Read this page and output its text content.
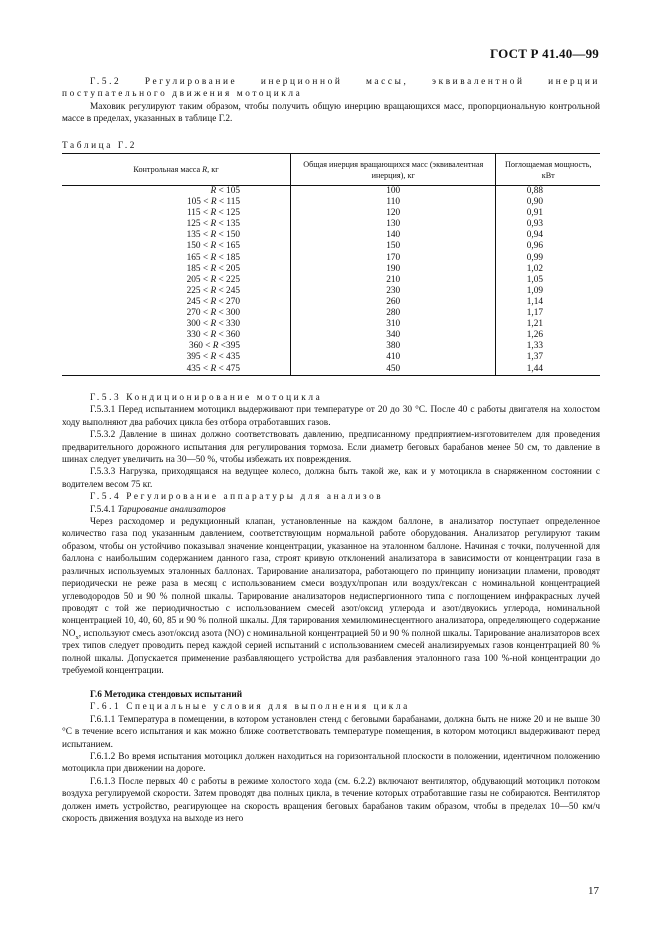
ГОСТ Р 41.40—99

Г.5.2 Регулирование инерционной массы, эквивалентной инерции поступательного движения мотоцикла

Маховик регулируют таким образом, чтобы получить общую инерцию вращающихся масс, пропорциональную контрольной массе в пределах, указанных в таблице Г.2.

Таблица Г.2
Контрольная масса R, кг	Общая инерция вращающихся масс (эквивалентная инерция), кг	Поглощаемая мощность, кВт
R < 105	100	0,88
105 < R < 115	110	0,90
115 < R < 125	120	0,91
125 < R < 135	130	0,93
135 < R < 150	140	0,94
150 < R < 165	150	0,96
165 < R < 185	170	0,99
185 < R < 205	190	1,02
205 < R < 225	210	1,05
225 < R < 245	230	1,09
245 < R < 270	260	1,14
270 < R < 300	280	1,17
300 < R < 330	310	1,21
330 < R < 360	340	1,26
360 < R <395	380	1,33
395 < R < 435	410	1,37
435 < R < 475	450	1,44

Г.5.3 Кондиционирование мотоцикла

Г.5.3.1 Перед испытанием мотоцикл выдерживают при температуре от 20 до 30 °С. После 40 с работы двигателя на холостом ходу выполняют два рабочих цикла без отбора отработавших газов.

Г.5.3.2 Давление в шинах должно соответствовать давлению, предписанному предприятием-изготовителем для проведения предварительного дорожного испытания для регулирования тормоза. Если диаметр беговых барабанов менее 50 см, то давление в шинах следует увеличить на 30—50 %, чтобы избежать их повреждения.

Г.5.3.3 Нагрузка, приходящаяся на ведущее колесо, должна быть такой же, как и у мотоцикла в снаряженном состоянии с водителем весом 75 кг.

Г.5.4 Регулирование аппаратуры для анализов

Г.5.4.1 Тарирование анализаторов

Через расходомер и редукционный клапан, установленные на каждом баллоне, в анализатор поступает определенное количество газа под указанным давлением, соответствующим нормальной работе оборудования. Анализатор регулируют таким образом, чтобы он устойчиво показывал значение концентрации, указанное на эталонном баллоне. Начиная с точки, полученной для баллона с наибольшим содержанием данного газа, строят кривую отклонений анализатора в зависимости от концентрации газа в различных используемых эталонных баллонах. Тарирование анализатора, работающего по принципу ионизации пламени, проводят периодически не реже раза в месяц с использованием смеси воздух/пропан или воздух/гексан с номинальной концентрацией углеводородов 50 и 90 % полной шкалы. Тарирование анализаторов недиспергионного типа с поглощением инфракрасных лучей проводят с той же периодичностью с использованием смесей азот/оксид углерода и азот/двуокись углерода, номинальной концентрацией 10, 40, 60, 85 и 90 % полной шкалы. Для тарирования хемилюминесцентного анализатора, определяющего содержание $NO_x$, используют смесь азот/оксид азота (NO) с номинальной концентрацией 50 и 90 % полной шкалы. Тарирование анализаторов всех трех типов следует проводить перед каждой серией испытаний с использованием смесей анализируемых газов концентрацией 80 % полной шкалы. Допускается применение разбавляющего устройства для разбавления эталонного газа 100 %-ной концентрации до требуемой концентрации.

Г.6 Методика стендовых испытаний

Г.6.1 Специальные условия для выполнения цикла

Г.6.1.1 Температура в помещении, в котором установлен стенд с беговыми барабанами, должна быть не ниже 20 и не выше 30 °С в течение всего испытания и как можно ближе соответствовать температуре помещения, в котором мотоцикл выдерживают перед испытанием.

Г.6.1.2 Во время испытания мотоцикл должен находиться на горизонтальной плоскости в положении, идентичном положению мотоцикла при движении на дороге.

Г.6.1.3 После первых 40 с работы в режиме холостого хода (см. 6.2.2) включают вентилятор, обдувающий мотоцикл потоком воздуха регулируемой скорости. Затем проводят два полных цикла, в течение которых отработавшие газы не собираются. Вентилятор должен иметь устройство, реагирующее на скорость вращения беговых барабанов таким образом, чтобы в пределах 10—50 км/ч скорость движения воздуха на выходе из него

17
